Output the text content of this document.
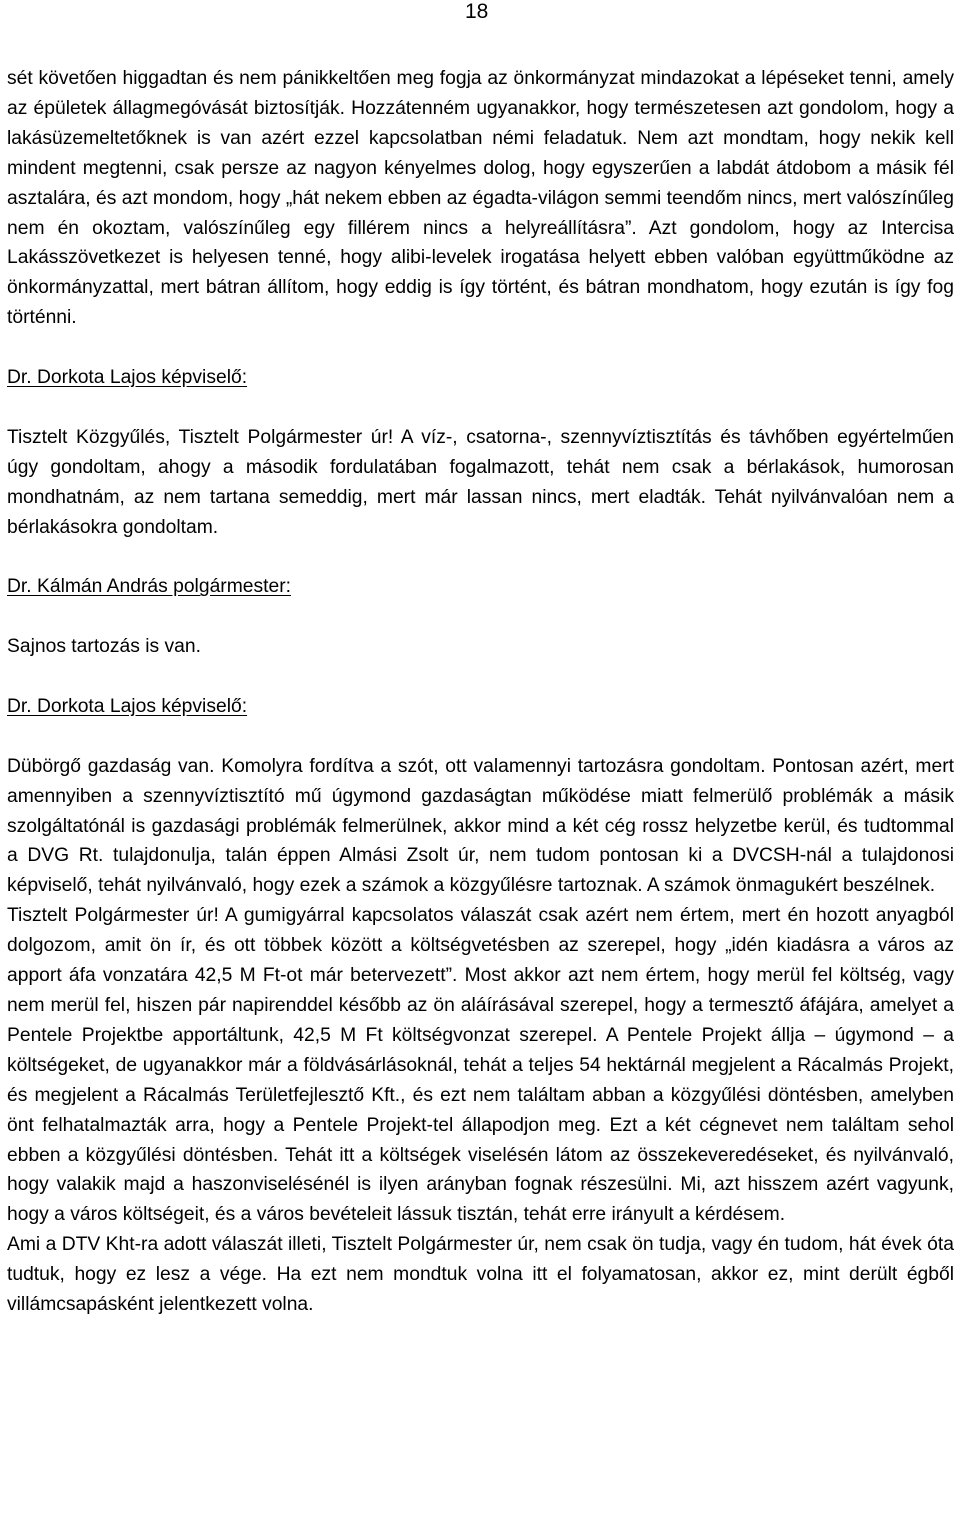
18

sét követően higgadtan és nem pánikkeltően meg fogja az önkormányzat mindazokat a lépéseket tenni, amely az épületek állagmegóvását biztosítják. Hozzátenném ugyanakkor, hogy természetesen azt gondolom, hogy a lakásüzemeltetőknek is van azért ezzel kapcsolatban némi feladatuk. Nem azt mondtam, hogy nekik kell mindent megtenni, csak persze az nagyon kényelmes dolog, hogy egyszerűen a labdát átdobom a másik fél asztalára, és azt mondom, hogy „hát nekem ebben az égadta-világon semmi teendőm nincs, mert valószínűleg nem én okoztam, valószínűleg egy fillérem nincs a helyreállításra”. Azt gondolom, hogy az Intercisa Lakásszövetkezet is helyesen tenné, hogy alibi-levelek irogatása helyett ebben valóban együttműködne az önkormányzattal, mert bátran állítom, hogy eddig is így történt, és bátran mondhatom, hogy ezután is így fog történni.

Dr. Dorkota Lajos képviselő:

Tisztelt Közgyűlés, Tisztelt Polgármester úr! A víz-, csatorna-, szennyvíztisztítás és távhőben egyértelműen úgy gondoltam, ahogy a második fordulatában fogalmazott, tehát nem csak a bérlakások, humorosan mondhatnám, az nem tartana semeddig, mert már lassan nincs, mert eladták. Tehát nyilvánvalóan nem a bérlakásokra gondoltam.

Dr. Kálmán András polgármester:

Sajnos tartozás is van.

Dr. Dorkota Lajos képviselő:

Dübörgő gazdaság van. Komolyra fordítva a szót, ott valamennyi tartozásra gondoltam. Pontosan azért, mert amennyiben a szennyvíztisztító mű úgymond gazdaságtan működése miatt felmerülő problémák a másik szolgáltatónál is gazdasági problémák felmerülnek, akkor mind a két cég rossz helyzetbe kerül, és tudtommal a DVG Rt. tulajdonulja, talán éppen Almási Zsolt úr, nem tudom pontosan ki a DVCSH-nál a tulajdonosi képviselő, tehát nyilvánvaló, hogy ezek a számok a közgyűlésre tartoznak. A számok önmagukért beszélnek.

Tisztelt Polgármester úr! A gumigyárral kapcsolatos válaszát csak azért nem értem, mert én hozott anyagból dolgozom, amit ön ír, és ott többek között a költségvetésben az szerepel, hogy „idén kiadásra a város az apport áfa vonzatára 42,5 M Ft-ot már betervezett”. Most akkor azt nem értem, hogy merül fel költség, vagy nem merül fel, hiszen pár napirenddel később az ön aláírásával szerepel, hogy a termesztő áfájára, amelyet a Pentele Projektbe apportáltunk, 42,5 M Ft költségvonzat szerepel. A Pentele Projekt állja – úgymond – a költségeket, de ugyanakkor már a földvásárlásoknál, tehát a teljes 54 hektárnál megjelent a Rácalmás Projekt, és megjelent a Rácalmás Területfejlesztő Kft., és ezt nem találtam abban a közgyűlési döntésben, amelyben önt felhatalmazták arra, hogy a Pentele Projekt-tel állapodjon meg. Ezt a két cégnevet nem találtam sehol ebben a közgyűlési döntésben. Tehát itt a költségek viselésén látom az összekeveredéseket, és nyilvánvaló, hogy valakik majd a haszonviselésénél is ilyen arányban fognak részesülni. Mi, azt hisszem azért vagyunk, hogy a város költségeit, és a város bevételeit lássuk tisztán, tehát erre irányult a kérdésem.

Ami a DTV Kht-ra adott válaszát illeti, Tisztelt Polgármester úr, nem csak ön tudja, vagy én tudom, hát évek óta tudtuk, hogy ez lesz a vége. Ha ezt nem mondtuk volna itt el folyamatosan, akkor ez, mint derült égből villámcsapásként jelentkezett volna.
